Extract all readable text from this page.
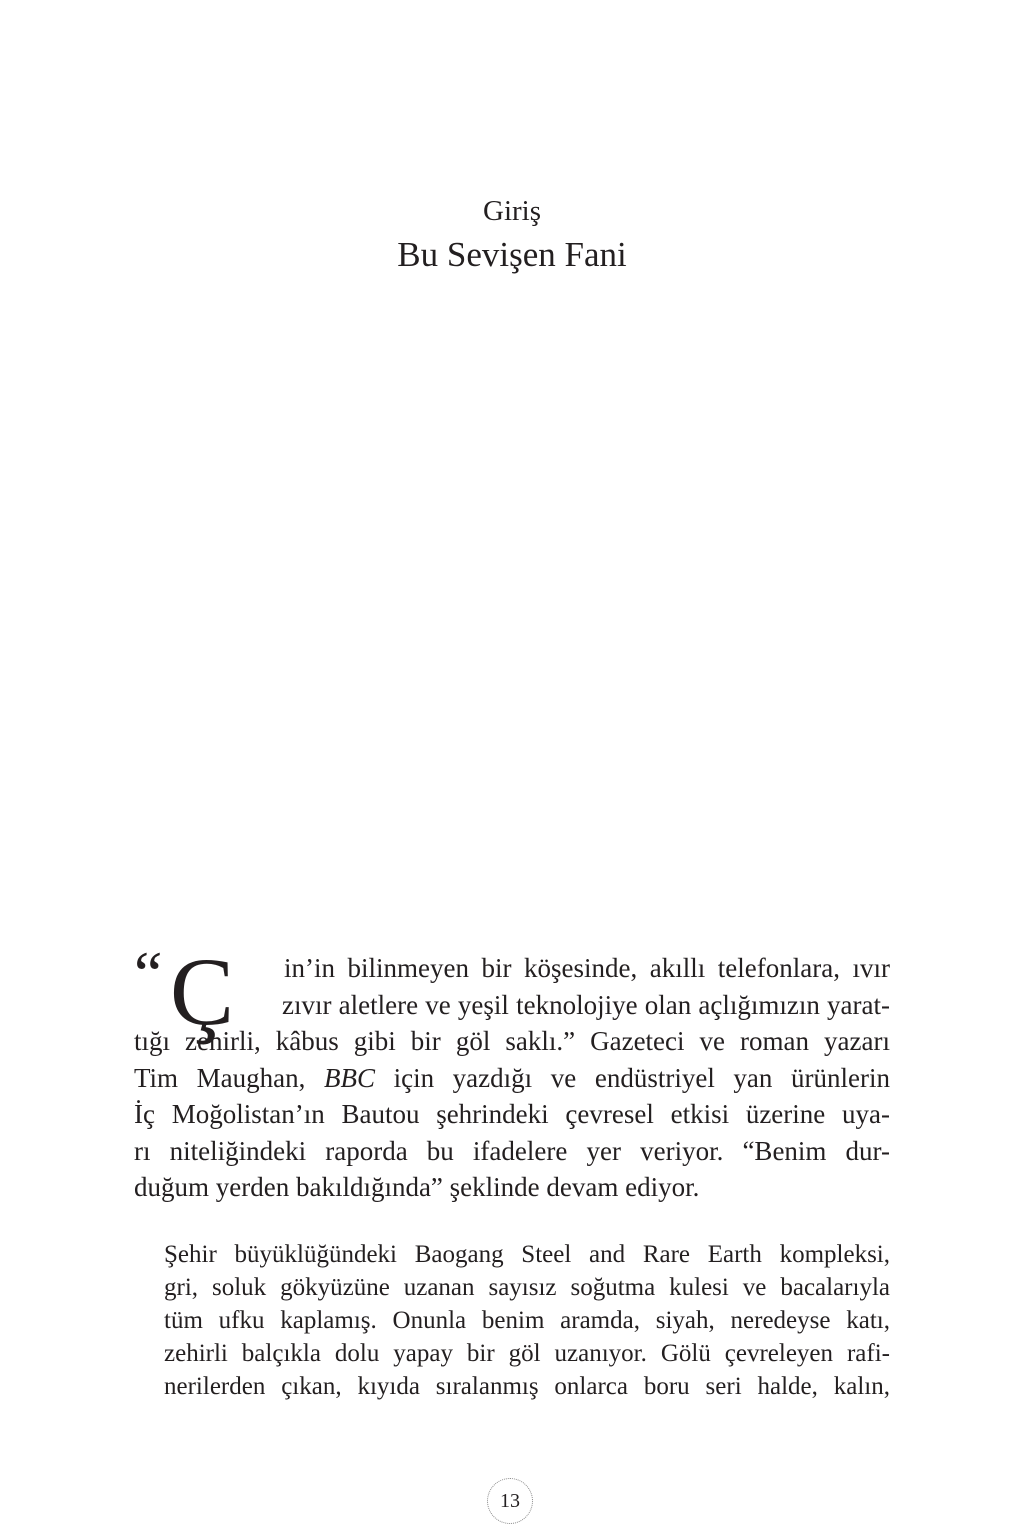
Giriş
Bu Sevişen Fani
“ Ç in’in bilinmeyen bir köşesinde, akıllı telefonlara, ıvır
zıvır aletlere ve yeşil teknolojiye olan açlığımızın yarat-
tığı zehirli, kâbus gibi bir göl saklı.” Gazeteci ve roman yazarı
Tim Maughan, BBC için yazdığı ve endüstriyel yan ürünlerin
İç Moğolistan’ın Bautou şehrindeki çevresel etkisi üzerine uya-
rı niteliğindeki raporda bu ifadelere yer veriyor. “Benim dur-
duğum yerden bakıldığında” şeklinde devam ediyor.
Şehir büyüklüğündeki Baogang Steel and Rare Earth kompleksi,
gri, soluk gökyüzüne uzanan sayısız soğutma kulesi ve bacalarıyla
tüm ufku kaplamış. Onunla benim aramda, siyah, neredeyse katı,
zehirli balçıkla dolu yapay bir göl uzanıyor. Gölü çevreleyen rafi-
nerilerden çıkan, kıyıda sıralanmış onlarca boru seri halde, kalın,
13
